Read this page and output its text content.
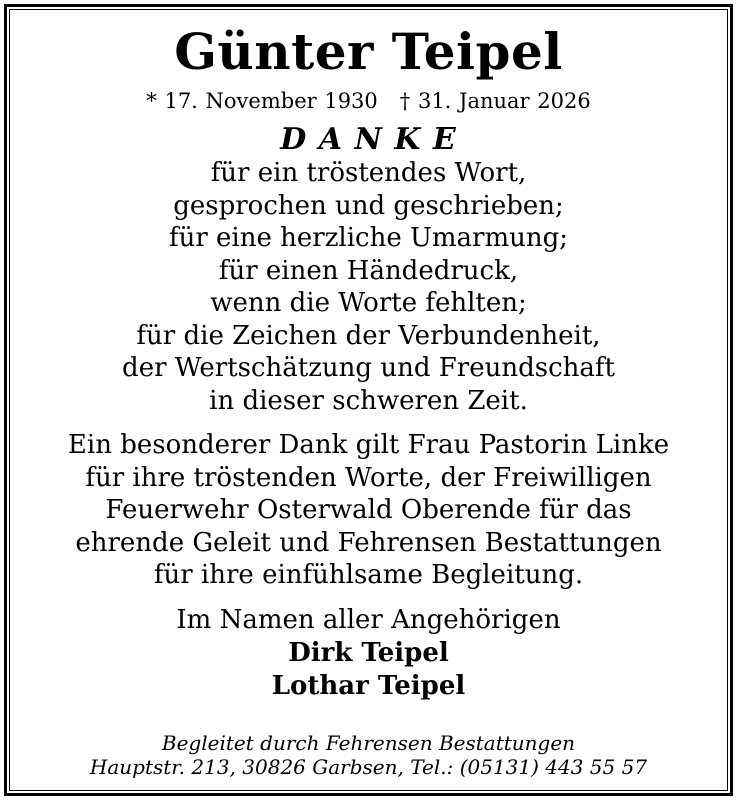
Günter Teipel
* 17. November 1930 † 31. Januar 2026
D A N K E
für ein tröstendes Wort,
gesprochen und geschrieben;
für eine herzliche Umarmung;
für einen Händedruck,
wenn die Worte fehlten;
für die Zeichen der Verbundenheit,
der Wertschätzung und Freundschaft
in dieser schweren Zeit.
Ein besonderer Dank gilt Frau Pastorin Linke
für ihre tröstenden Worte, der Freiwilligen
Feuerwehr Osterwald Oberende für das
ehrende Geleit und Fehrensen Bestattungen
für ihre einfühlsame Begleitung.
Im Namen aller Angehörigen
Dirk Teipel
Lothar Teipel
Begleitet durch Fehrensen Bestattungen
Hauptstr. 213, 30826 Garbsen, Tel.: (05131) 443 55 57
